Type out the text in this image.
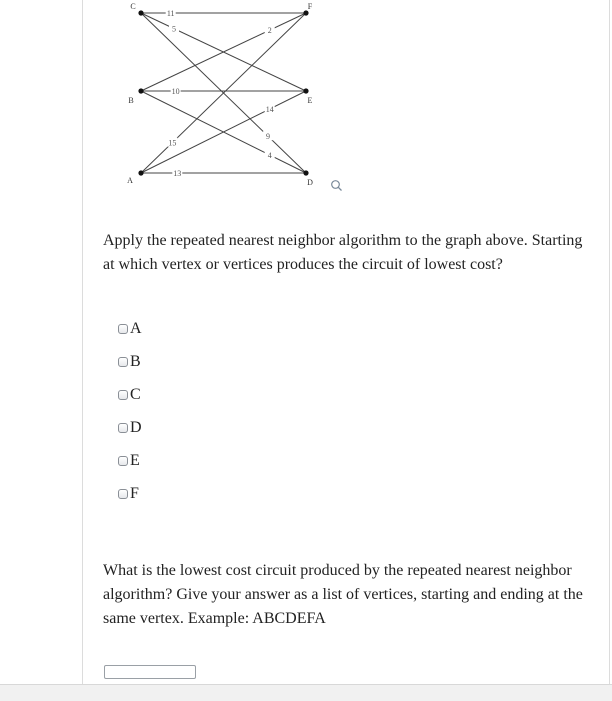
11
5
9
2
10
4
15
14
13
C
B
A
F
E
D

Apply the repeated nearest neighbor algorithm to the graph above. Starting at which vertex or vertices produces the circuit of lowest cost?

A
B
C
D
E
F

What is the lowest cost circuit produced by the repeated nearest neighbor algorithm? Give your answer as a list of vertices, starting and ending at the same vertex. Example: ABCDEFA
